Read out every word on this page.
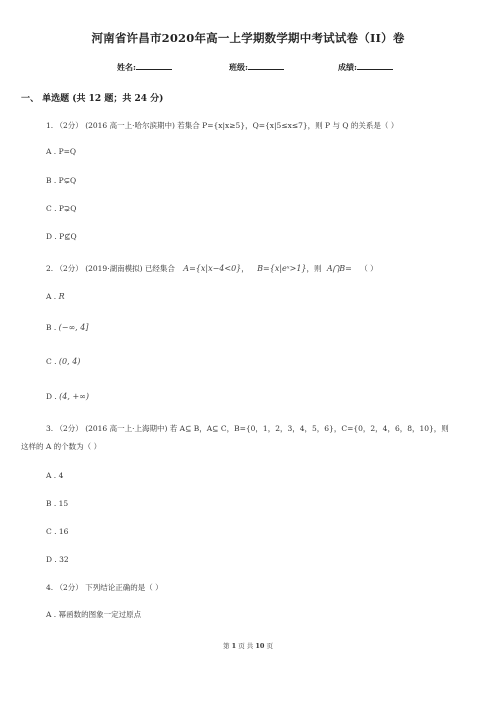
河南省许昌市2020年高一上学期数学期中考试试卷（II）卷
姓名:	班级:	成绩:
一、 单选题 (共 12 题；共 24 分)
1. （2分） (2016 高一上·哈尔滨期中) 若集合 P={x|x≥5}，Q={x|5≤x≤7}，则 P 与 Q 的关系是（ ）
A . P=Q
B . P⊊Q
C . P⊋Q
D . P⊈Q
2. （2分） (2019·湖南模拟) 已经集合 A={x|x−4<0}， B={x|eˣ>1}，则 A⋂B= （ ）
A . R
B . (−∞, 4]
C . (0, 4)
D . (4, +∞)
3. （2分） (2016 高一上·上海期中) 若 A⊆ B，A⊆ C，B={0，1，2，3，4，5，6}，C={0，2，4，6，8，10}，则这样的 A 的个数为（ ）
A . 4
B . 15
C . 16
D . 32
4. （2分） 下列结论正确的是（ ）
A . 幂函数的图象一定过原点
第 1 页 共 10 页
